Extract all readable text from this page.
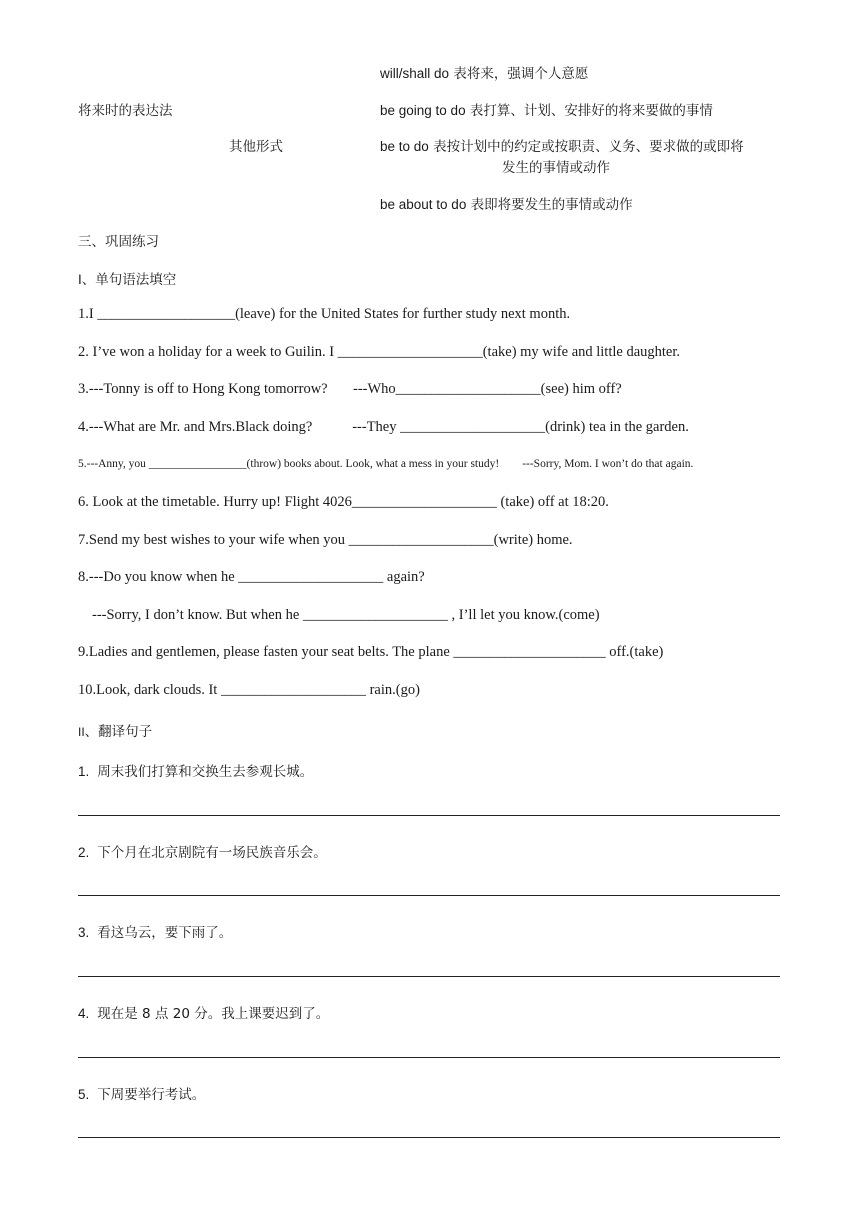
will/shall do 表将来，强调个人意愿
将来时的表达法	be going to do 表打算、计划、安排好的将来要做的事情
其他形式	be to do 表按计划中的约定或按职责、义务、要求做的或即将
发生的事情或动作
be about to do 表即将要发生的事情或动作
三、巩固练习
I、单句语法填空
1.I ___________________(leave) for the United States for further study next month.
2. I’ve won a holiday for a week to Guilin. I ____________________(take) my wife and little daughter.
3.---Tonny is off to Hong Kong tomorrow?       ---Who____________________(see) him off?
4.---What are Mr. and Mrs.Black doing?           ---They ____________________(drink) tea in the garden.
5.---Anny, you _________________(throw) books about. Look, what a mess in your study!        ---Sorry, Mom. I won’t do that again.
6. Look at the timetable. Hurry up! Flight 4026____________________ (take) off at 18:20.
7.Send my best wishes to your wife when you ____________________(write) home.
8.---Do you know when he ____________________ again?
---Sorry, I don’t know. But when he ____________________ , I’ll let you know.(come)
9.Ladies and gentlemen, please fasten your seat belts. The plane _____________________ off.(take)
10.Look, dark clouds. It ____________________ rain.(go)
II、翻译句子
1. 周末我们打算和交换生去参观长城。
2. 下个月在北京剧院有一场民族音乐会。
3. 看这乌云，要下雨了。
4. 现在是 8 点 20 分。我上课要迟到了。
5. 下周要举行考试。
